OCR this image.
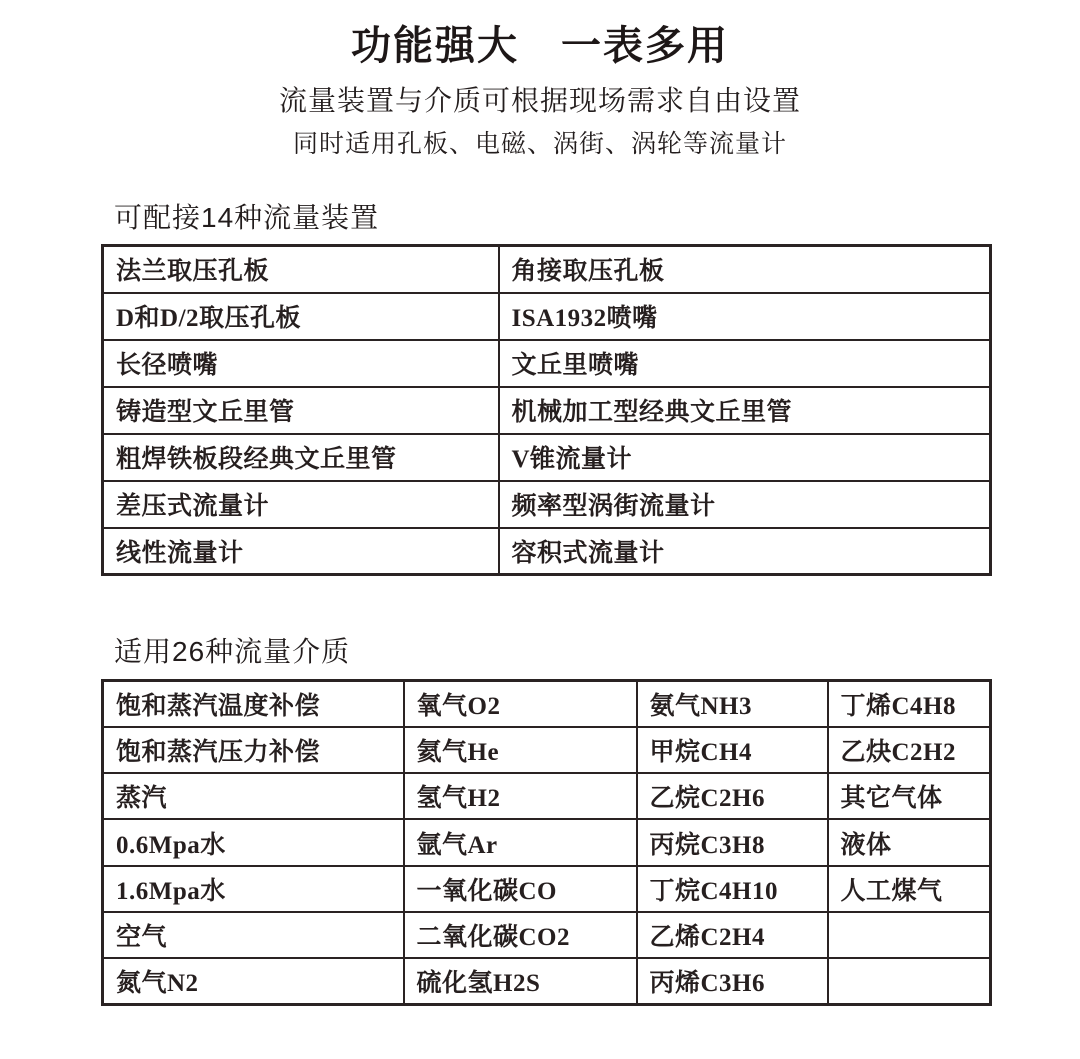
功能强大　一表多用
流量装置与介质可根据现场需求自由设置
同时适用孔板、电磁、涡街、涡轮等流量计
可配接14种流量装置
法兰取压孔板	角接取压孔板
D和D/2取压孔板	ISA1932喷嘴
长径喷嘴	文丘里喷嘴
铸造型文丘里管	机械加工型经典文丘里管
粗焊铁板段经典文丘里管	V锥流量计
差压式流量计	频率型涡街流量计
线性流量计	容积式流量计
适用26种流量介质
饱和蒸汽温度补偿	氧气O2	氨气NH3	丁烯C4H8
饱和蒸汽压力补偿	氦气He	甲烷CH4	乙炔C2H2
蒸汽	氢气H2	乙烷C2H6	其它气体
0.6Mpa水	氩气Ar	丙烷C3H8	液体
1.6Mpa水	一氧化碳CO	丁烷C4H10	人工煤气
空气	二氧化碳CO2	乙烯C2H4	
氮气N2	硫化氢H2S	丙烯C3H6	
